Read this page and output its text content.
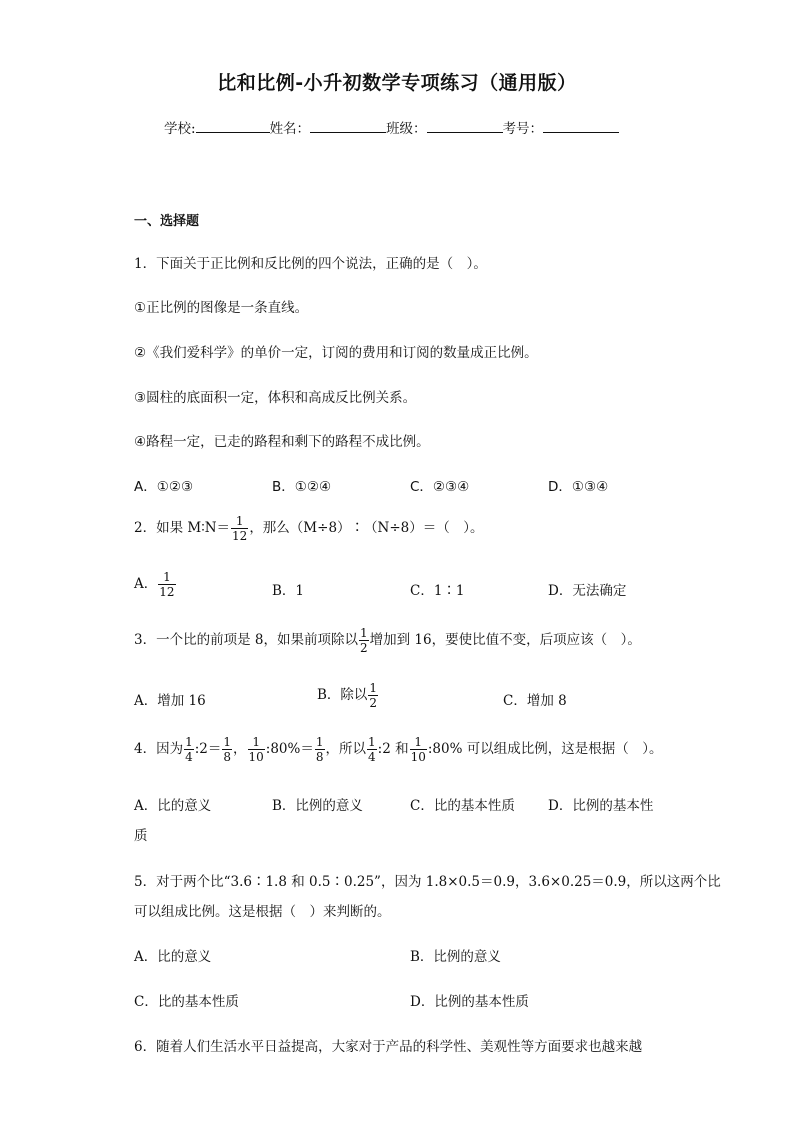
比和比例-小升初数学专项练习（通用版）
学校:	姓名：	班级：	考号：
一、选择题
1．下面关于正比例和反比例的四个说法，正确的是（　）。
①正比例的图像是一条直线。
②《我们爱科学》的单价一定，订阅的费用和订阅的数量成正比例。
③圆柱的底面积一定，体积和高成反比例关系。
④路程一定，已走的路程和剩下的路程不成比例。
A．①②③	B．①②④	C．②③④	D．①③④
2．如果 M∶N＝ $\frac{1}{12}$ ，那么（M÷8）∶（N÷8）＝（　）。
A． $\frac{1}{12}$	B．1	C．1∶1	D．无法确定
3．一个比的前项是 8，如果前项除以 $\frac{1}{2}$ 增加到 16，要使比值不变，后项应该（　）。
A．增加 16	B．除以 $\frac{1}{2}$	C．增加 8
4．因为 $\frac{1}{4}$ :2＝ $\frac{1}{8}$ ， $\frac{1}{10}$ :80%＝ $\frac{1}{8}$ ，所以 $\frac{1}{4}$ :2 和 $\frac{1}{10}$ :80% 可以组成比例，这是根据（　）。
A．比的意义	B．比例的意义	C．比的基本性质 D．比例的基本性
质
5．对于两个比“3.6∶1.8 和 0.5∶0.25”，因为 1.8×0.5＝0.9，3.6×0.25＝0.9，所以这两个比
可以组成比例。这是根据（　）来判断的。
A．比的意义	B．比例的意义
C．比的基本性质	D．比例的基本性质
6．随着人们生活水平日益提高，大家对于产品的科学性、美观性等方面要求也越来越
